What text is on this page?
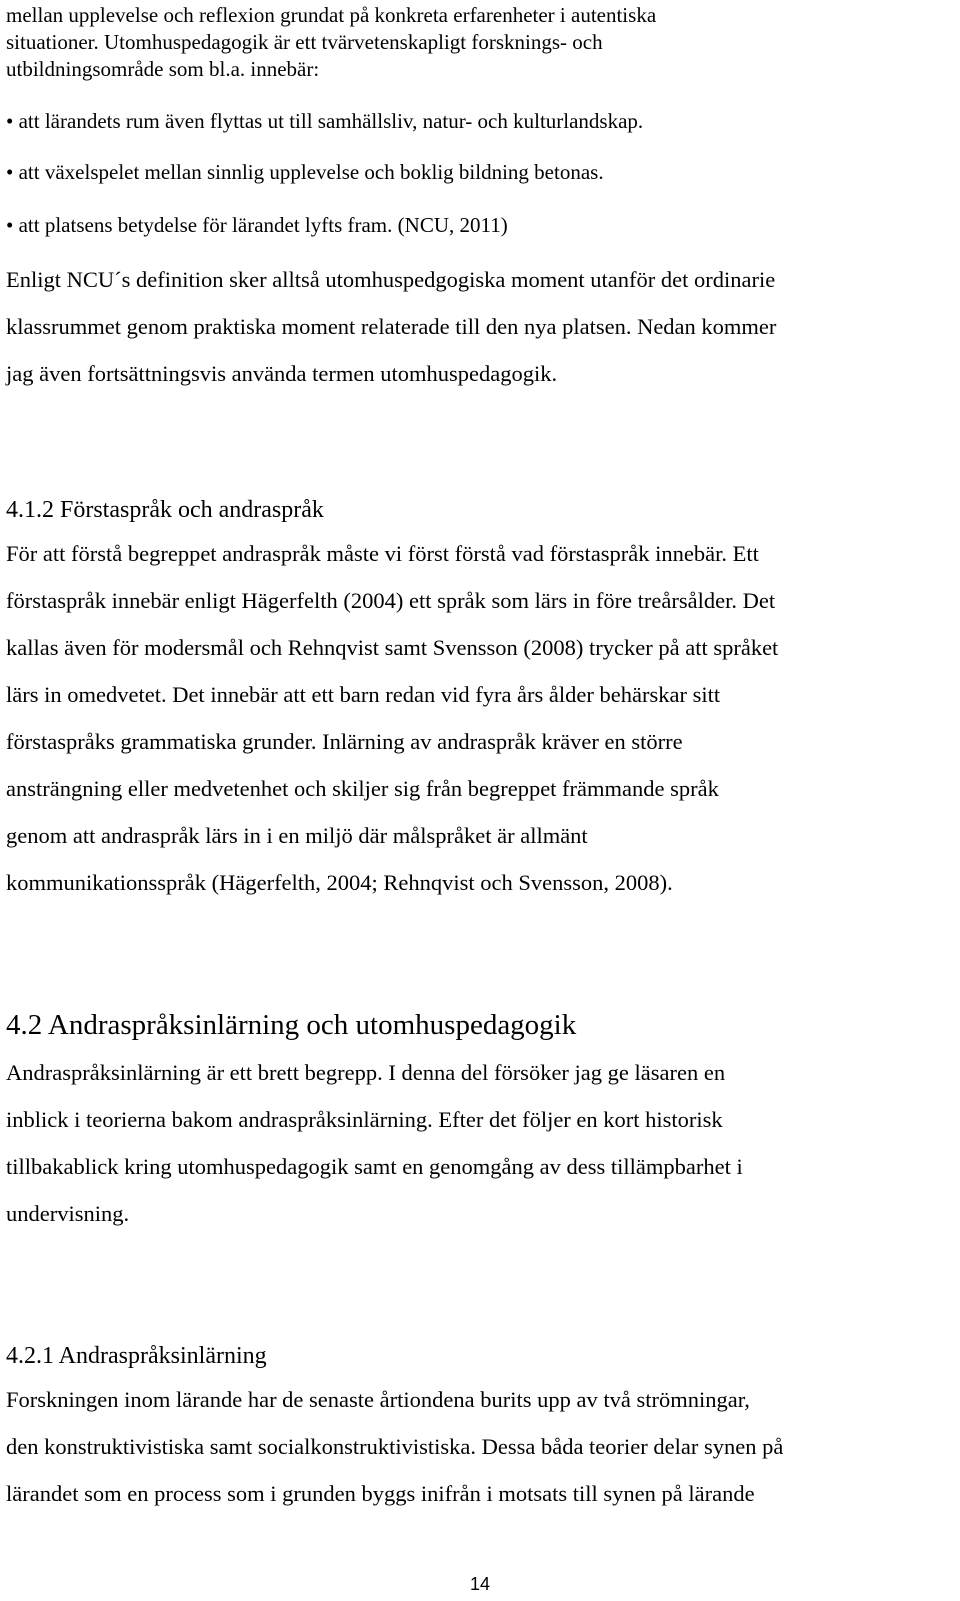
mellan upplevelse och reflexion grundat på konkreta erfarenheter i autentiska
situationer. Utomhuspedagogik är ett tvärvetenskapligt forsknings- och
utbildningsområde som bl.a. innebär:
• att lärandets rum även flyttas ut till samhällsliv, natur- och kulturlandskap.
• att växelspelet mellan sinnlig upplevelse och boklig bildning betonas.
• att platsens betydelse för lärandet lyfts fram. (NCU, 2011)
Enligt NCU´s definition sker alltså utomhuspedgogiska moment utanför det ordinarie
klassrummet genom praktiska moment relaterade till den nya platsen. Nedan kommer
jag även fortsättningsvis använda termen utomhuspedagogik.
4.1.2 Förstaspråk och andraspråk
För att förstå begreppet andraspråk måste vi först förstå vad förstaspråk innebär. Ett
förstaspråk innebär enligt Hägerfelth (2004) ett språk som lärs in före treårsålder. Det
kallas även för modersmål och Rehnqvist samt Svensson (2008) trycker på att språket
lärs in omedvetet. Det innebär att ett barn redan vid fyra års ålder behärskar sitt
förstaspråks grammatiska grunder. Inlärning av andraspråk kräver en större
ansträngning eller medvetenhet och skiljer sig från begreppet främmande språk
genom att andraspråk lärs in i en miljö där målspråket är allmänt
kommunikationsspråk (Hägerfelth, 2004; Rehnqvist och Svensson, 2008).
4.2 Andraspråksinlärning och utomhuspedagogik
Andraspråksinlärning är ett brett begrepp. I denna del försöker jag ge läsaren en
inblick i teorierna bakom andraspråksinlärning. Efter det följer en kort historisk
tillbakablick kring utomhuspedagogik samt en genomgång av dess tillämpbarhet i
undervisning.
4.2.1 Andraspråksinlärning
Forskningen inom lärande har de senaste årtiondena burits upp av två strömningar,
den konstruktivistiska samt socialkonstruktivistiska. Dessa båda teorier delar synen på
lärandet som en process som i grunden byggs inifrån i motsats till synen på lärande
14
